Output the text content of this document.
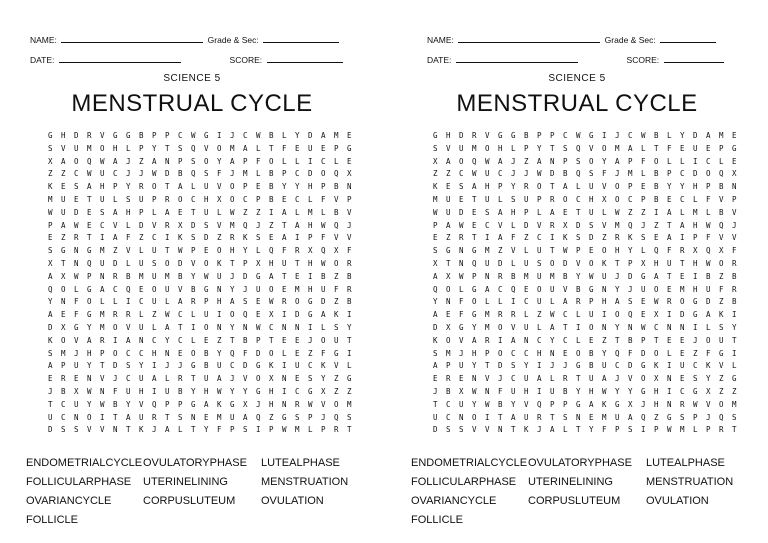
NAME:	Grade & Sec:
DATE:	SCORE:
SCIENCE 5
MENSTRUAL CYCLE
G	H	D	R	V	G	G	B	P	P	C	W	G	I	J	C	W	B	L	Y	D	A	M	E
S	V	U	M	O	H	L	P	Y	T	S	Q	V	O	M	A	L	T	F	E	U	E	P	G
X	A	O	Q	W	A	J	Z	A	N	P	S	O	Y	A	P	F	O	L	L	I	C	L	E
Z	Z	C	W	U	C	J	J	W	D	B	Q	S	F	J	M	L	B	P	C	D	O	Q	X
K	E	S	A	H	P	Y	R	O	T	A	L	U	V	O	P	E	B	Y	Y	H	P	B	N
M	U	E	T	U	L	S	U	P	R	O	C	H	X	O	C	P	B	E	C	L	F	V	P
W	U	D	E	S	A	H	P	L	A	E	T	U	L	W	Z	Z	I	A	L	M	L	B	V
P	A	W	E	C	V	L	D	V	R	X	D	S	V	M	Q	J	Z	T	A	H	W	Q	J
E	Z	R	T	I	A	F	Z	C	I	K	S	D	Z	R	K	S	E	A	I	P	F	V	V
S	G	N	G	M	Z	V	L	U	T	W	P	E	O	H	Y	L	Q	F	R	X	Q	X	F
X	T	N	Q	U	D	L	U	S	O	D	V	O	K	T	P	X	H	U	T	H	W	O	R
A	X	W	P	N	R	B	M	U	M	B	Y	W	U	J	D	G	A	T	E	I	B	Z	B
Q	O	L	G	A	C	Q	E	O	U	V	B	G	N	Y	J	U	O	E	M	H	U	F	R
Y	N	F	O	L	L	I	C	U	L	A	R	P	H	A	S	E	W	R	O	G	D	Z	B
A	E	F	G	M	R	R	L	Z	W	C	L	U	I	O	Q	E	X	I	D	G	A	K	I
D	X	G	Y	M	O	V	U	L	A	T	I	O	N	Y	N	W	C	N	N	I	L	S	Y
K	O	V	A	R	I	A	N	C	Y	C	L	E	Z	T	B	P	T	E	E	J	O	U	T
S	M	J	H	P	O	C	C	H	N	E	O	B	Y	Q	F	D	O	L	E	Z	F	G	I
A	P	U	Y	T	D	S	Y	I	J	J	G	B	U	C	D	G	K	I	U	C	K	V	L
E	R	E	N	V	J	C	U	A	L	R	T	U	A	J	V	O	X	N	E	S	Y	Z	G
J	B	X	W	N	F	U	H	I	U	B	Y	H	W	Y	Y	G	H	I	C	G	X	Z	Z
T	C	U	Y	W	B	Y	V	Q	P	P	G	A	K	G	X	J	H	N	R	W	V	O	M
U	C	N	O	I	T	A	U	R	T	S	N	E	M	U	A	Q	Z	G	S	P	J	Q	S
D	S	S	V	V	N	T	K	J	A	L	T	Y	F	P	S	I	P	W	M	L	P	R	T
ENDOMETRIALCYCLE OVULATORYPHASE	LUTEALPHASE
FOLLICULARPHASE	UTERINELINING	MENSTRUATION
OVARIANCYCLE	CORPUSLUTEUM	OVULATION
FOLLICLE
NAME:	Grade & Sec:
DATE:	SCORE:
SCIENCE 5
MENSTRUAL CYCLE
G	H	D	R	V	G	G	B	P	P	C	W	G	I	J	C	W	B	L	Y	D	A	M	E
S	V	U	M	O	H	L	P	Y	T	S	Q	V	O	M	A	L	T	F	E	U	E	P	G
X	A	O	Q	W	A	J	Z	A	N	P	S	O	Y	A	P	F	O	L	L	I	C	L	E
Z	Z	C	W	U	C	J	J	W	D	B	Q	S	F	J	M	L	B	P	C	D	O	Q	X
K	E	S	A	H	P	Y	R	O	T	A	L	U	V	O	P	E	B	Y	Y	H	P	B	N
M	U	E	T	U	L	S	U	P	R	O	C	H	X	O	C	P	B	E	C	L	F	V	P
W	U	D	E	S	A	H	P	L	A	E	T	U	L	W	Z	Z	I	A	L	M	L	B	V
P	A	W	E	C	V	L	D	V	R	X	D	S	V	M	Q	J	Z	T	A	H	W	Q	J
E	Z	R	T	I	A	F	Z	C	I	K	S	D	Z	R	K	S	E	A	I	P	F	V	V
S	G	N	G	M	Z	V	L	U	T	W	P	E	O	H	Y	L	Q	F	R	X	Q	X	F
X	T	N	Q	U	D	L	U	S	O	D	V	O	K	T	P	X	H	U	T	H	W	O	R
A	X	W	P	N	R	B	M	U	M	B	Y	W	U	J	D	G	A	T	E	I	B	Z	B
Q	O	L	G	A	C	Q	E	O	U	V	B	G	N	Y	J	U	O	E	M	H	U	F	R
Y	N	F	O	L	L	I	C	U	L	A	R	P	H	A	S	E	W	R	O	G	D	Z	B
A	E	F	G	M	R	R	L	Z	W	C	L	U	I	O	Q	E	X	I	D	G	A	K	I
D	X	G	Y	M	O	V	U	L	A	T	I	O	N	Y	N	W	C	N	N	I	L	S	Y
K	O	V	A	R	I	A	N	C	Y	C	L	E	Z	T	B	P	T	E	E	J	O	U	T
S	M	J	H	P	O	C	C	H	N	E	O	B	Y	Q	F	D	O	L	E	Z	F	G	I
A	P	U	Y	T	D	S	Y	I	J	J	G	B	U	C	D	G	K	I	U	C	K	V	L
E	R	E	N	V	J	C	U	A	L	R	T	U	A	J	V	O	X	N	E	S	Y	Z	G
J	B	X	W	N	F	U	H	I	U	B	Y	H	W	Y	Y	G	H	I	C	G	X	Z	Z
T	C	U	Y	W	B	Y	V	Q	P	P	G	A	K	G	X	J	H	N	R	W	V	O	M
U	C	N	O	I	T	A	U	R	T	S	N	E	M	U	A	Q	Z	G	S	P	J	Q	S
D	S	S	V	V	N	T	K	J	A	L	T	Y	F	P	S	I	P	W	M	L	P	R	T
ENDOMETRIALCYCLE OVULATORYPHASE	LUTEALPHASE
FOLLICULARPHASE	UTERINELINING	MENSTRUATION
OVARIANCYCLE	CORPUSLUTEUM	OVULATION
FOLLICLE
